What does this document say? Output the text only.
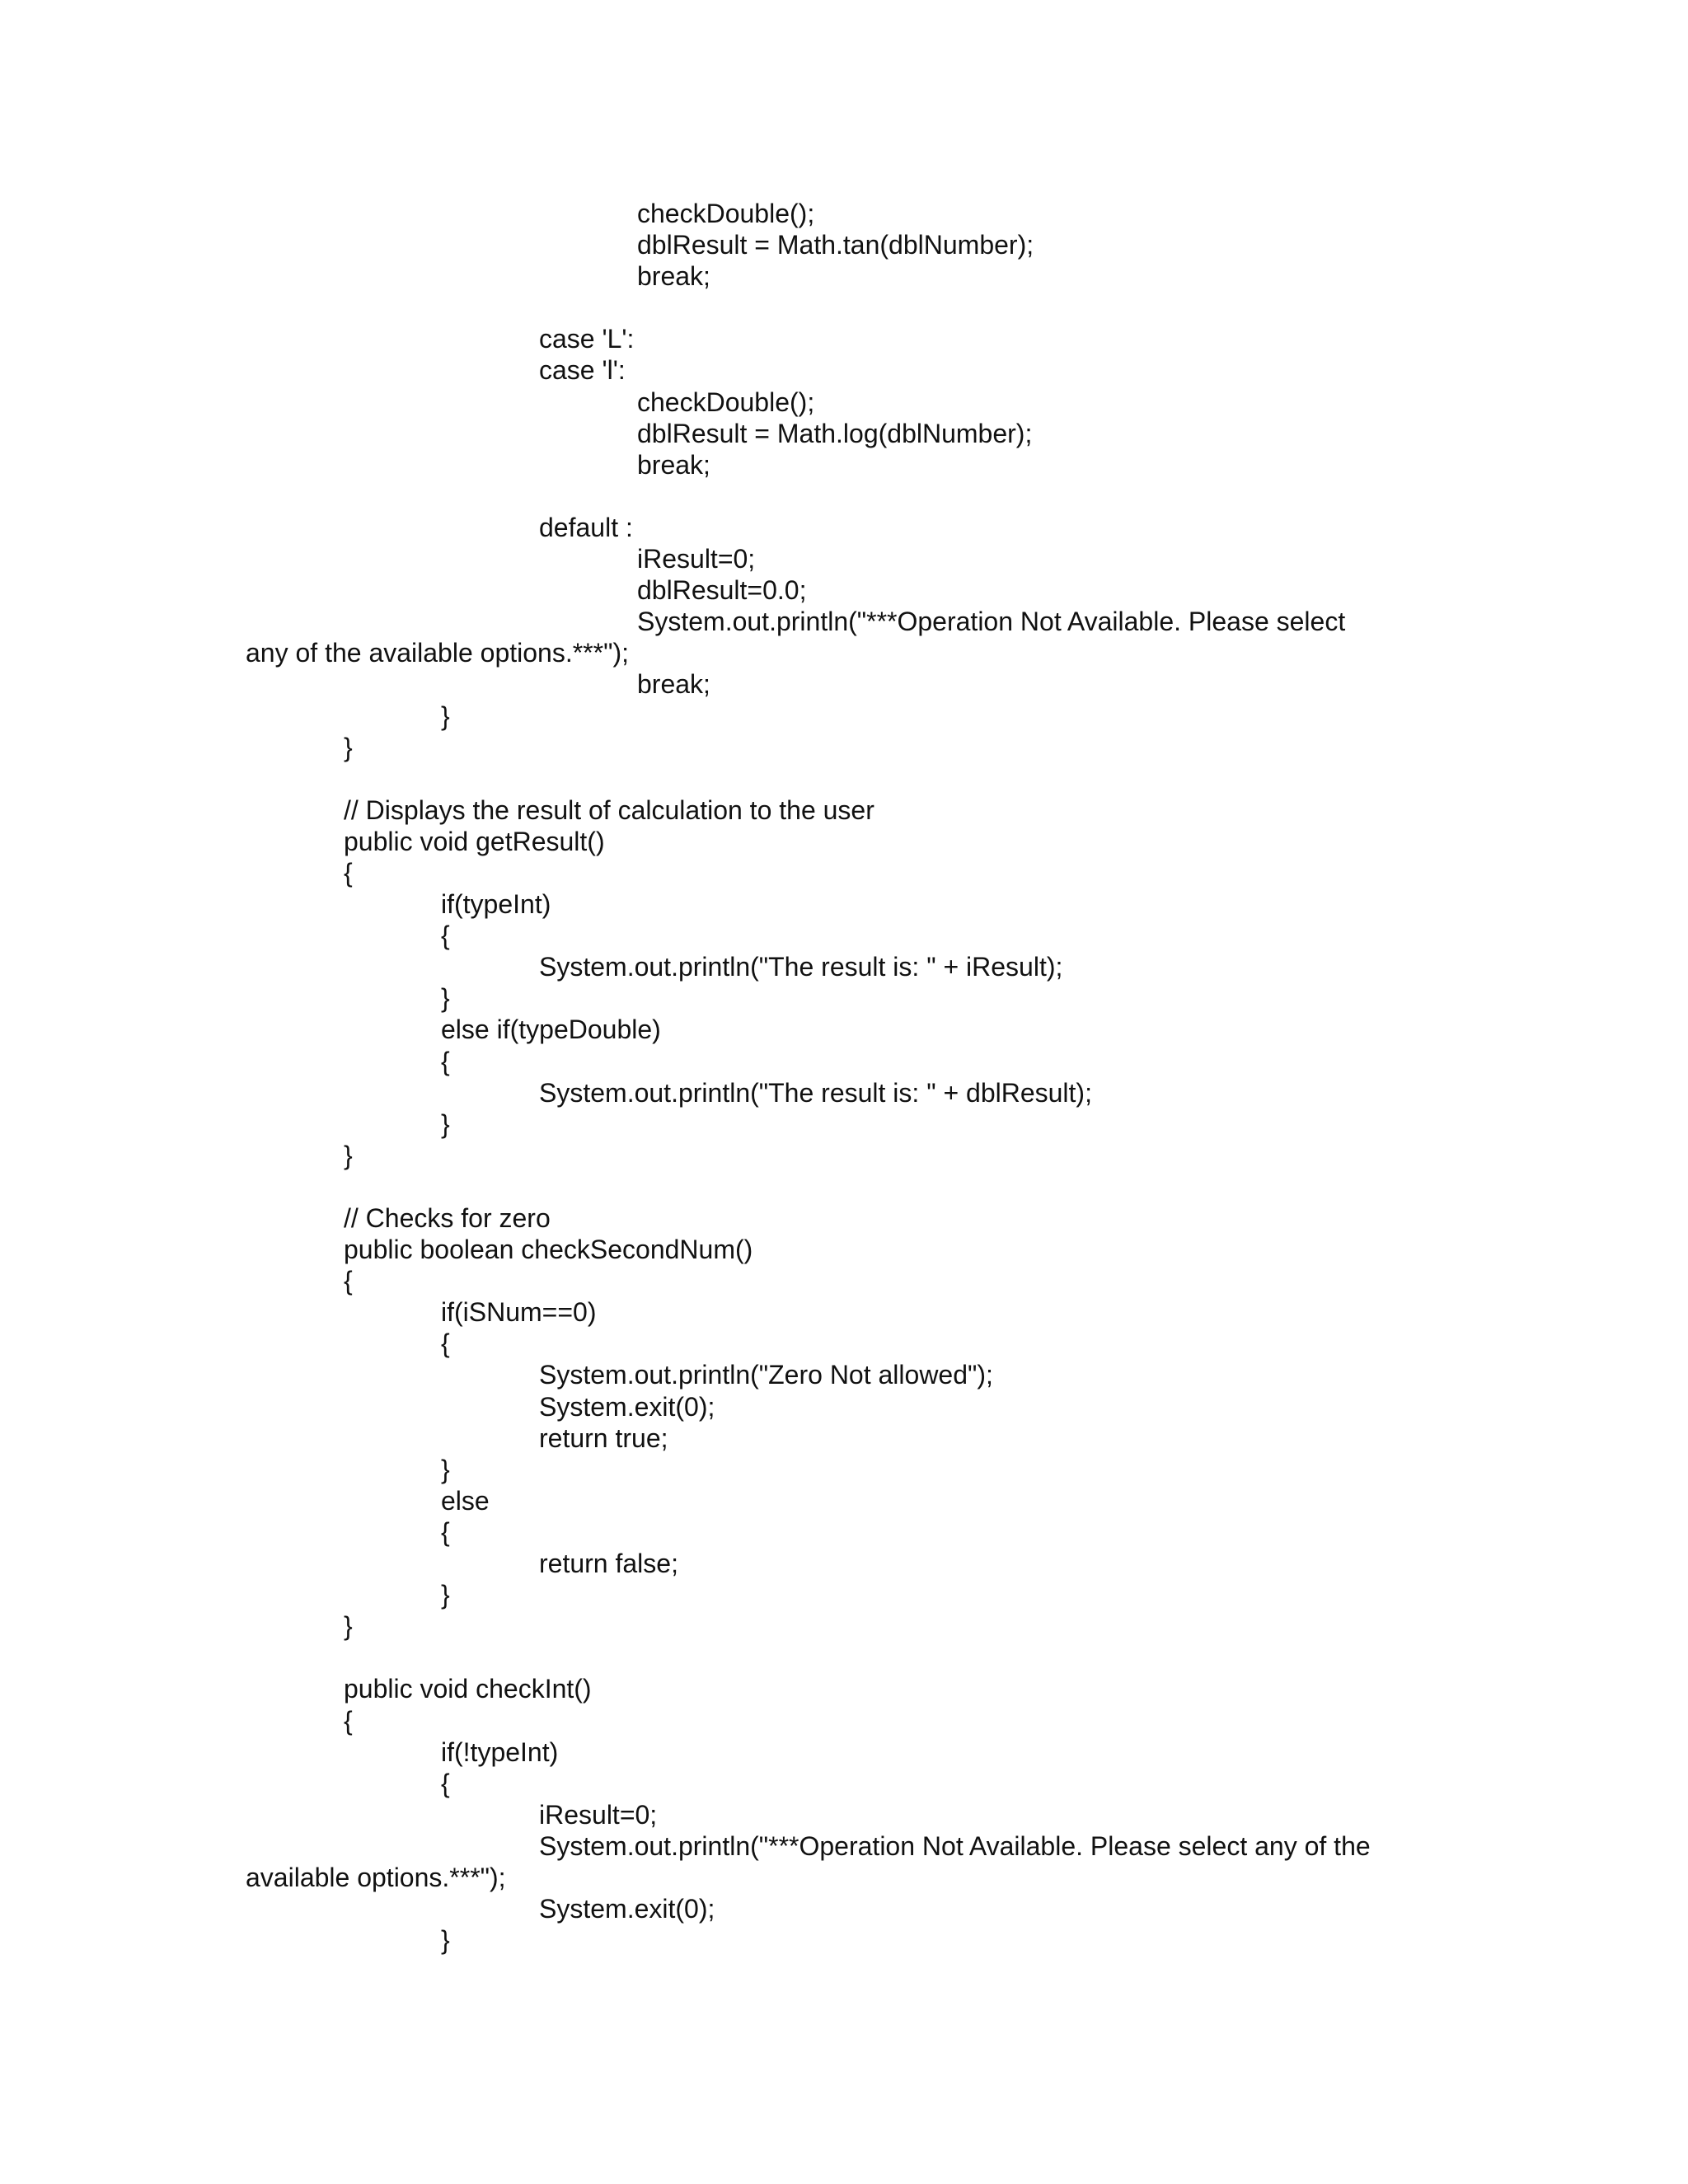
checkDouble();
dblResult = Math.tan(dblNumber);
break;
case 'L':
case 'l':
checkDouble();
dblResult = Math.log(dblNumber);
break;
default :
iResult=0;
dblResult=0.0;
System.out.println("***Operation Not Available. Please select
any of the available options.***");
break;
}
}
// Displays the result of calculation to the user
public void getResult()
{
if(typeInt)
{
System.out.println("The result is: " + iResult);
}
else if(typeDouble)
{
System.out.println("The result is: " + dblResult);
}
}
// Checks for zero
public boolean checkSecondNum()
{
if(iSNum==0)
{
System.out.println("Zero Not allowed");
System.exit(0);
return true;
}
else
{
return false;
}
}
public void checkInt()
{
if(!typeInt)
{
iResult=0;
System.out.println("***Operation Not Available. Please select any of the
available options.***");
System.exit(0);
}
